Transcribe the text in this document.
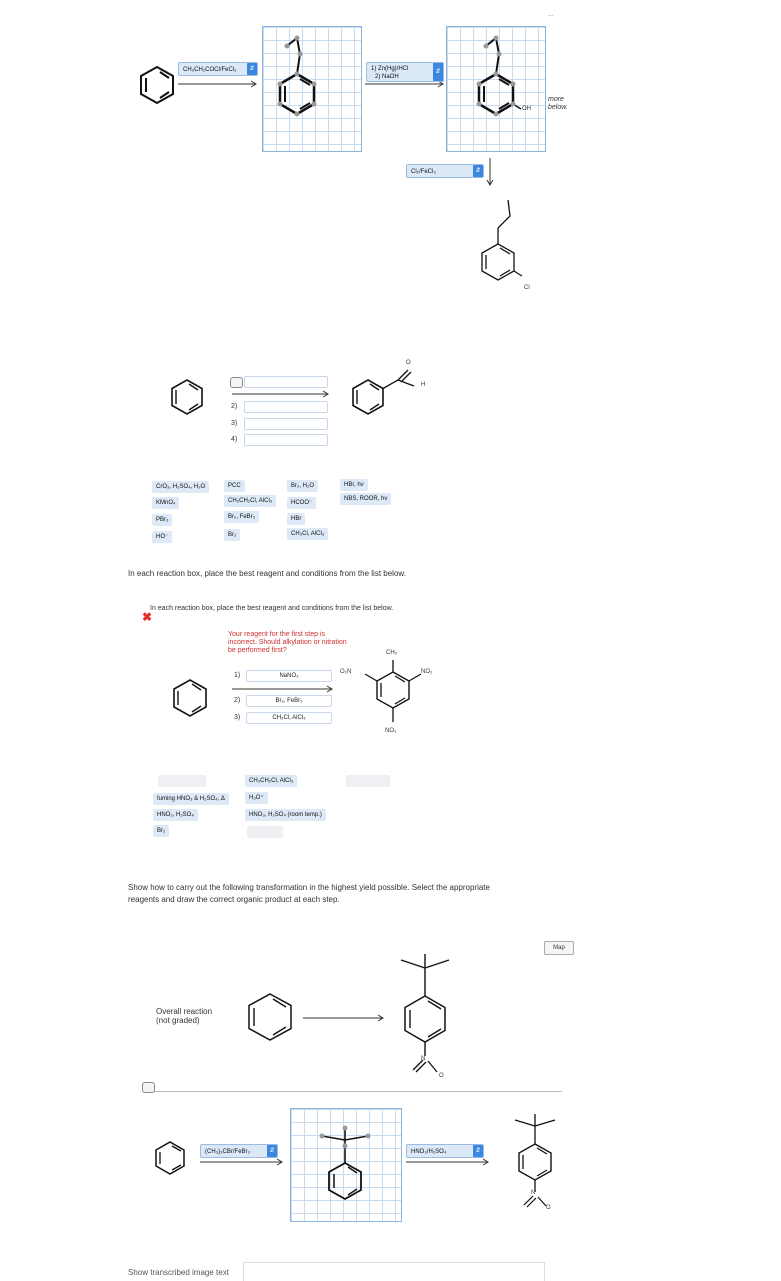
...
CH₃CH₂COCl/FeCl₃	⇵	1) Zn(Hg)/HCl
2) NaOH
⇵
OH
more below.
Cl₂/FeCl₃	⇵
Cl
2)
3)
4)
O
H
CrO₃, H₂SO₄, H₂O
KMnO₄
PBr₃
HO⁻
PCC
CH₃CH₂Cl, AlCl₃
Br₂, FeBr₃
Br₂
Br₂, H₂O
HCOO⁻
HBr
CH₃Cl, AlCl₃
HBr, hν
NBS, ROOR, hν
In each reaction box, place the best reagent and conditions from the list below.
In each reaction box, place the best reagent and conditions from the list below.
✖
Your reagent for the first step is incorrect. Should alkylation or nitration be performed first?
1)	NaNO₃
2)	Br₂, FeBr₃
3)	CH₃Cl, AlCl₃
CH₃
O₂N	NO₂
NO₂
fuming HNO₃ & H₂SO₄, Δ
HNO₂, H₂SO₄
Br₂
CH₃CH₂Cl, AlCl₃
H₃O⁺
HNO₃, H₂SO₄ (room temp.)
Show how to carry out the following transformation in the highest yield possible. Select the appropriate
reagents and draw the correct organic product at each step.
Map
Overall reaction
(not graded)
N
O
(CH₃)₃CBr/FeBr₃	⇵	HNO₃/H₂SO₄	⇵
N
O
Show transcribed image text
